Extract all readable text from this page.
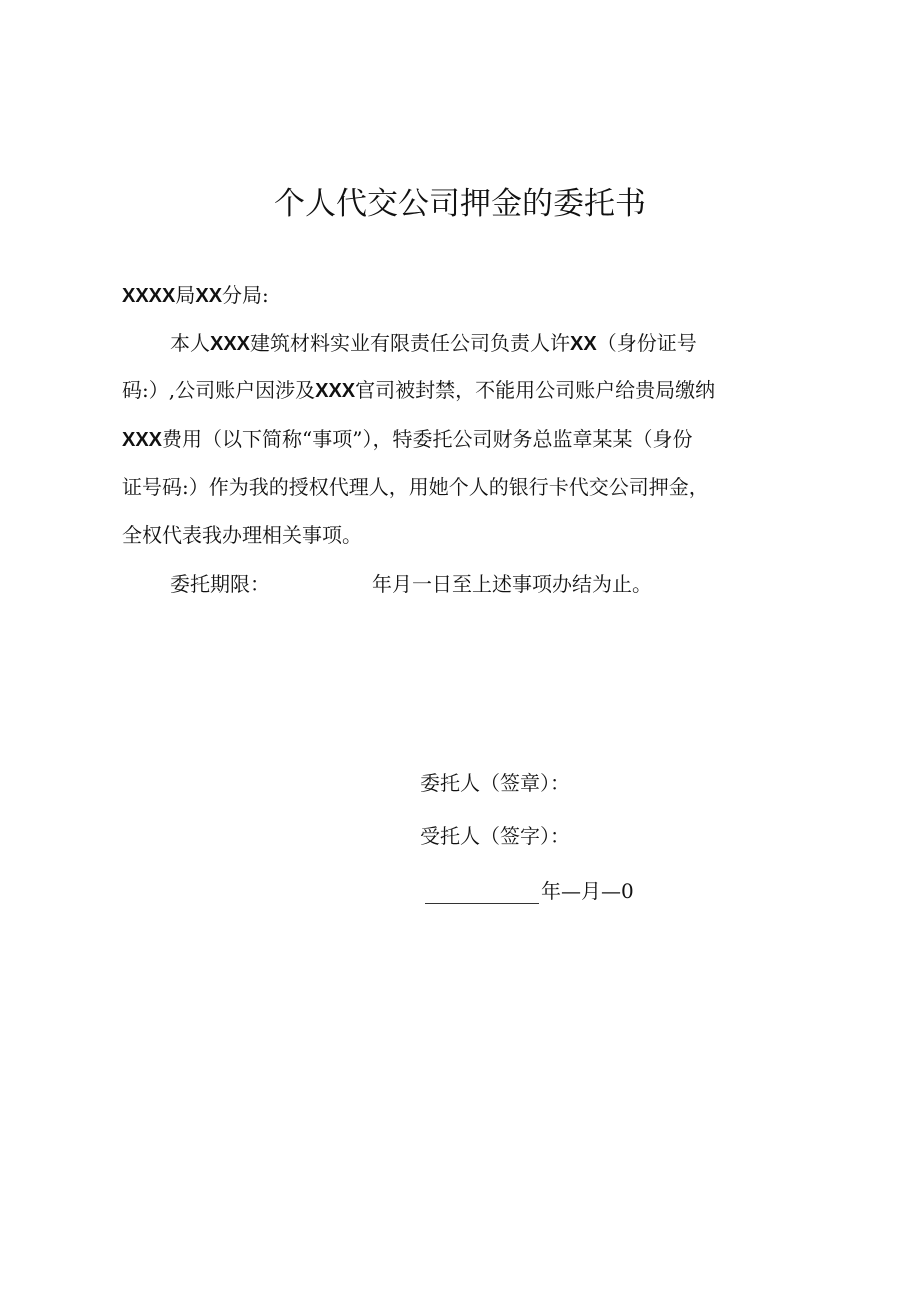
个人代交公司押金的委托书
XXXX局XX分局:
本人XXX建筑材料实业有限责任公司负责人许XX（身份证号
码:）,公司账户因涉及XXX官司被封禁，不能用公司账户给贵局缴纳
XXX费用（以下简称“事项”），特委托公司财务总监章某某（身份
证号码:）作为我的授权代理人，用她个人的银行卡代交公司押金，
全权代表我办理相关事项。
委托期限：	年月一日至上述事项办结为止。
委托人（签章）：
受托人（签字）：
年—月—0
